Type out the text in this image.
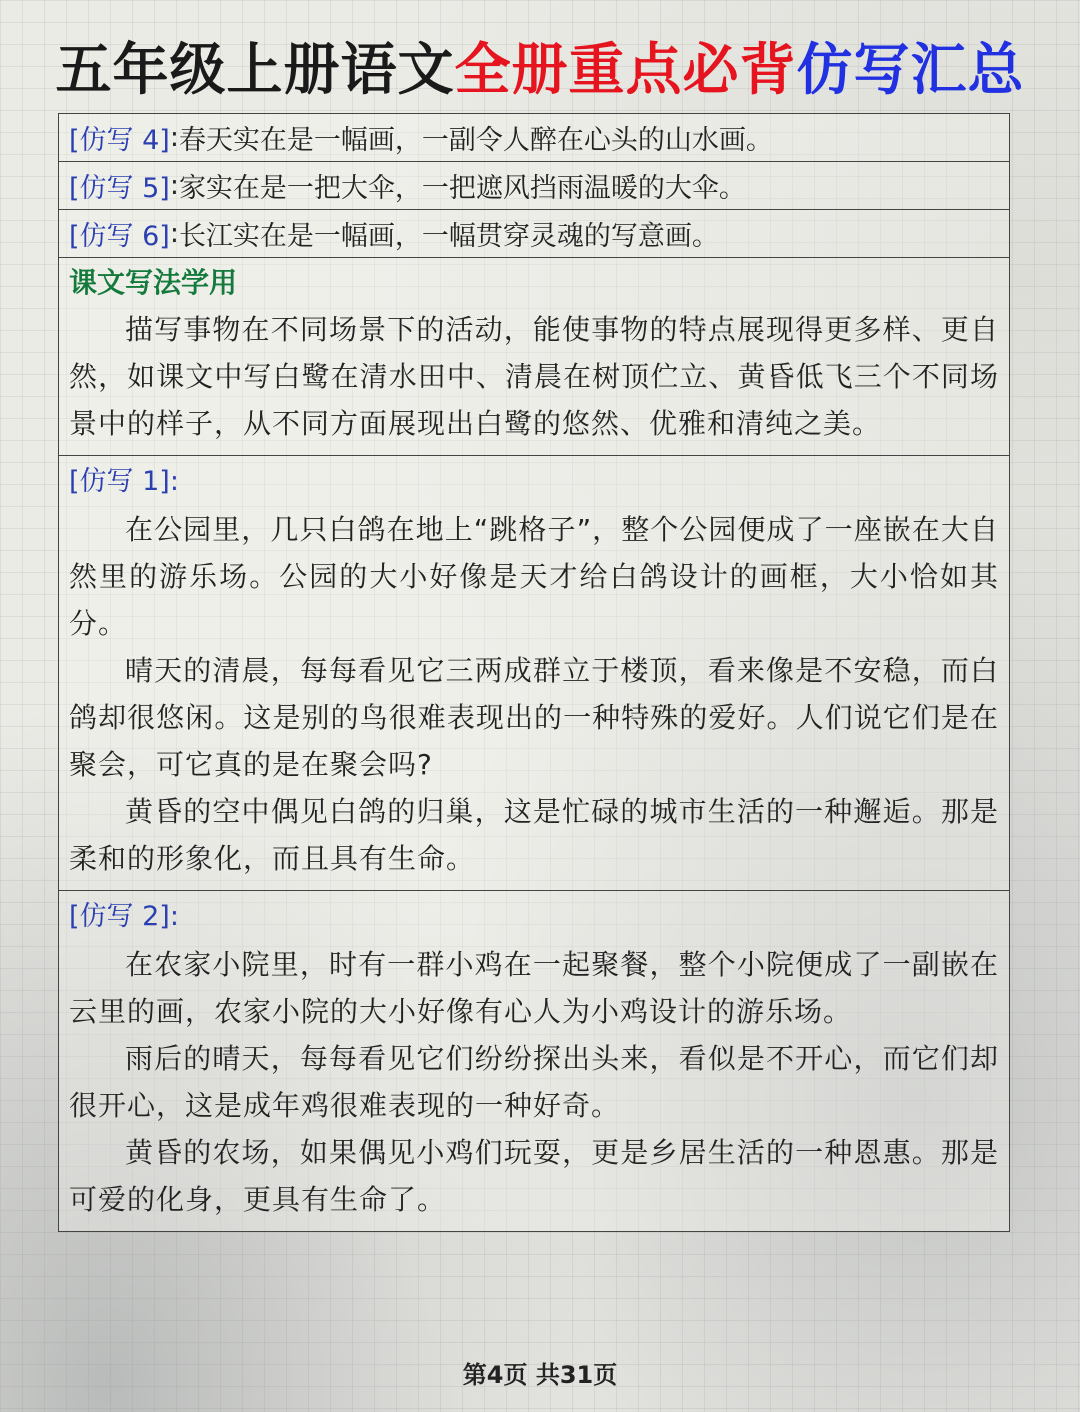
五年级上册语文全册重点必背仿写汇总
[仿写 4] : 春天实在是一幅画，一副令人醉在心头的山水画。
[仿写 5] : 家实在是一把大伞，一把遮风挡雨温暖的大伞。
[仿写 6] : 长江实在是一幅画，一幅贯穿灵魂的写意画。
课文写法学用

描写事物在不同场景下的活动，能使事物的特点展现得更多样、更自然，如课文中写白鹭在清水田中、清晨在树顶伫立、黄昏低飞三个不同场景中的样子，从不同方面展现出白鹭的悠然、优雅和清纯之美。

[仿写 1]:

在公园里，几只白鸽在地上“跳格子”，整个公园便成了一座嵌在大自然里的游乐场。公园的大小好像是天才给白鸽设计的画框，大小恰如其分。

晴天的清晨，每每看见它三两成群立于楼顶，看来像是不安稳，而白鸽却很悠闲。这是别的鸟很难表现出的一种特殊的爱好。人们说它们是在聚会，可它真的是在聚会吗?

黄昏的空中偶见白鸽的归巢，这是忙碌的城市生活的一种邂逅。那是柔和的形象化，而且具有生命。

[仿写 2]:

在农家小院里，时有一群小鸡在一起聚餐，整个小院便成了一副嵌在云里的画，农家小院的大小好像有心人为小鸡设计的游乐场。

雨后的晴天，每每看见它们纷纷探出头来，看似是不开心，而它们却很开心，这是成年鸡很难表现的一种好奇。

黄昏的农场，如果偶见小鸡们玩耍，更是乡居生活的一种恩惠。那是可爱的化身，更具有生命了。

第4页 共31页
